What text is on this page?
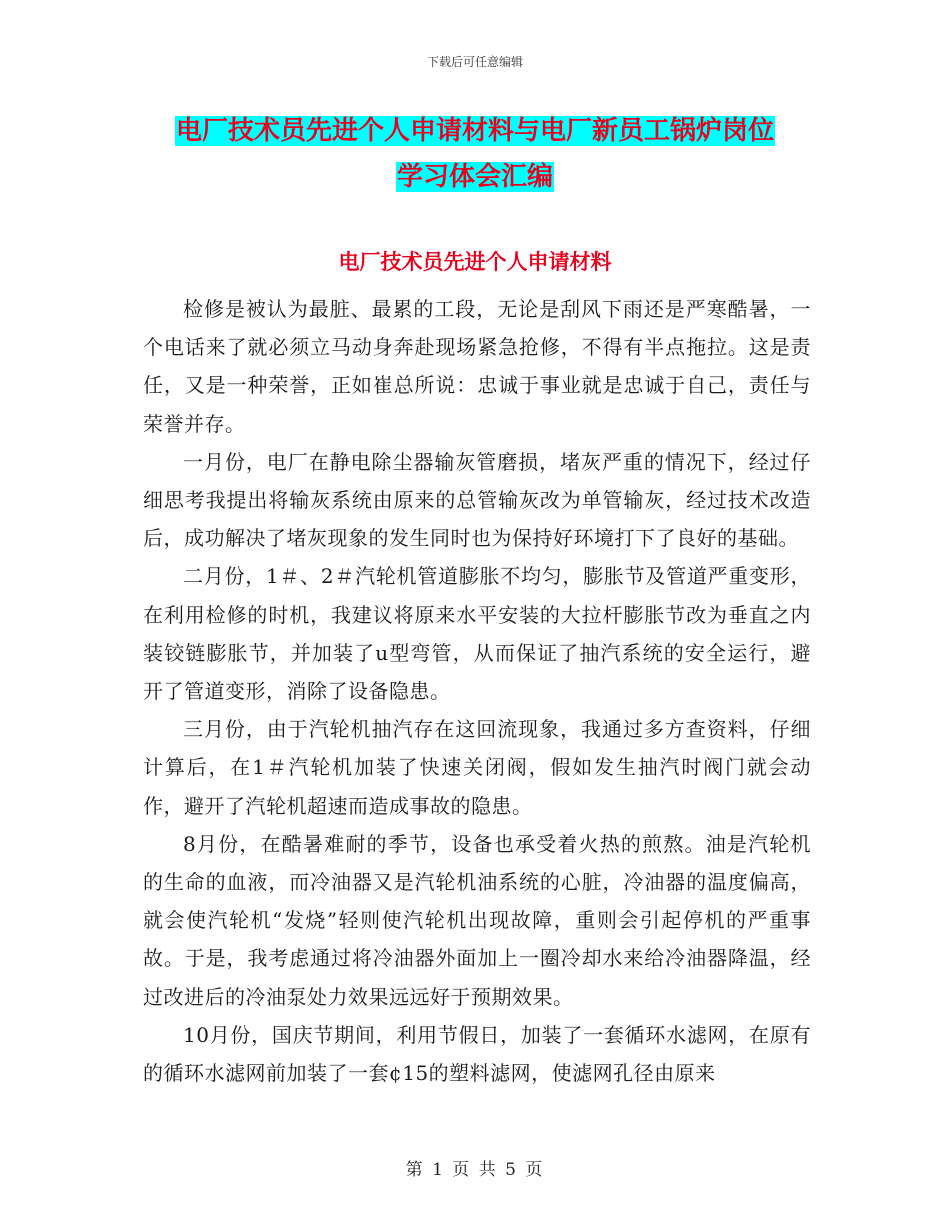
下载后可任意编辑
电厂技术员先进个人申请材料与电厂新员工锅炉岗位
学习体会汇编
电厂技术员先进个人申请材料

检修是被认为最脏、最累的工段，无论是刮风下雨还是严寒酷暑，一个电话来了就必须立马动身奔赴现场紧急抢修，不得有半点拖拉。这是责任，又是一种荣誉，正如崔总所说：忠诚于事业就是忠诚于自己，责任与荣誉并存。

一月份，电厂在静电除尘器输灰管磨损，堵灰严重的情况下，经过仔细思考我提出将输灰系统由原来的总管输灰改为单管输灰，经过技术改造后，成功解决了堵灰现象的发生同时也为保持好环境打下了良好的基础。

二月份，1＃、2＃汽轮机管道膨胀不均匀，膨胀节及管道严重变形，在利用检修的时机，我建议将原来水平安装的大拉杆膨胀节改为垂直之内装铰链膨胀节，并加装了u型弯管，从而保证了抽汽系统的安全运行，避开了管道变形，消除了设备隐患。

三月份，由于汽轮机抽汽存在这回流现象，我通过多方查资料，仔细计算后，在1＃汽轮机加装了快速关闭阀，假如发生抽汽时阀门就会动作，避开了汽轮机超速而造成事故的隐患。

8月份，在酷暑难耐的季节，设备也承受着火热的煎熬。油是汽轮机的生命的血液，而冷油器又是汽轮机油系统的心脏，冷油器的温度偏高，就会使汽轮机“发烧”轻则使汽轮机出现故障，重则会引起停机的严重事故。于是，我考虑通过将冷油器外面加上一圈冷却水来给冷油器降温，经过改进后的冷油泵处力效果远远好于预期效果。

10月份，国庆节期间，利用节假日，加装了一套循环水滤网，在原有的循环水滤网前加装了一套¢15的塑料滤网，使滤网孔径由原来

第 1 页 共 5 页
